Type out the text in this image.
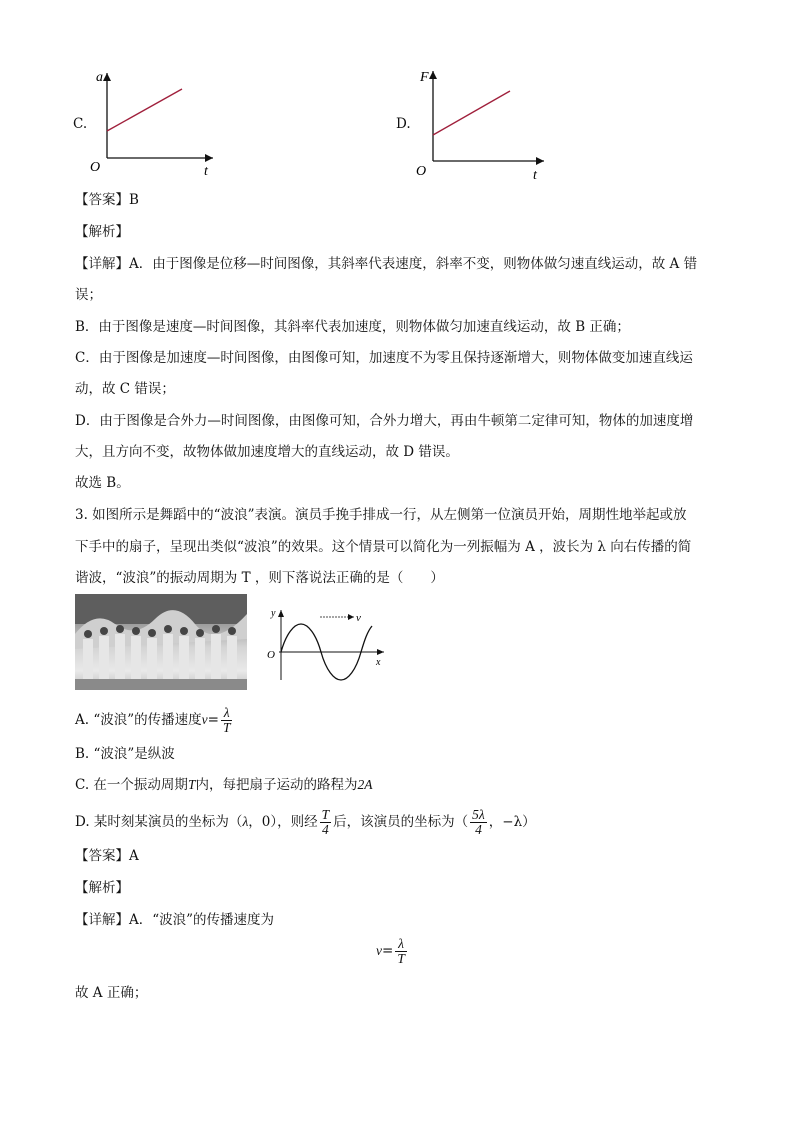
C.
a
t
O
D.
F
t
O
【答案】B
【解析】
【详解】A．由于图像是位移—时间图像，其斜率代表速度，斜率不变，则物体做匀速直线运动，故 A 错
误；
B．由于图像是速度—时间图像，其斜率代表加速度，则物体做匀加速直线运动，故 B 正确；
C．由于图像是加速度—时间图像，由图像可知，加速度不为零且保持逐渐增大，则物体做变加速直线运
动，故 C 错误；
D．由于图像是合外力—时间图像，由图像可知，合外力增大，再由牛顿第二定律可知，物体的加速度增
大，且方向不变，故物体做加速度增大的直线运动，故 D 错误。
故选 B。
3. 如图所示是舞蹈中的“波浪”表演。演员手挽手排成一行，从左侧第一位演员开始，周期性地举起或放
下手中的扇子，呈现出类似“波浪”的效果。这个情景可以简化为一列振幅为 A ，波长为 λ 向右传播的简
谐波，“波浪”的振动周期为 T ，则下落说法正确的是（　　）
v
y
x
O
A. “波浪”的传播速度$v= \frac{\lambda}{T}$
B. “波浪”是纵波
C. 在一个振动周期T内，每把扇子运动的路程为2A
D. 某时刻某演员的坐标为（λ，0），则经 $\frac{T}{4}$ 后，该演员的坐标为（ $\frac{5\lambda}{4}$ ，−λ）
【答案】A
【解析】
【详解】A．“波浪”的传播速度为
$v= \frac{\lambda}{T}$
故 A 正确；
